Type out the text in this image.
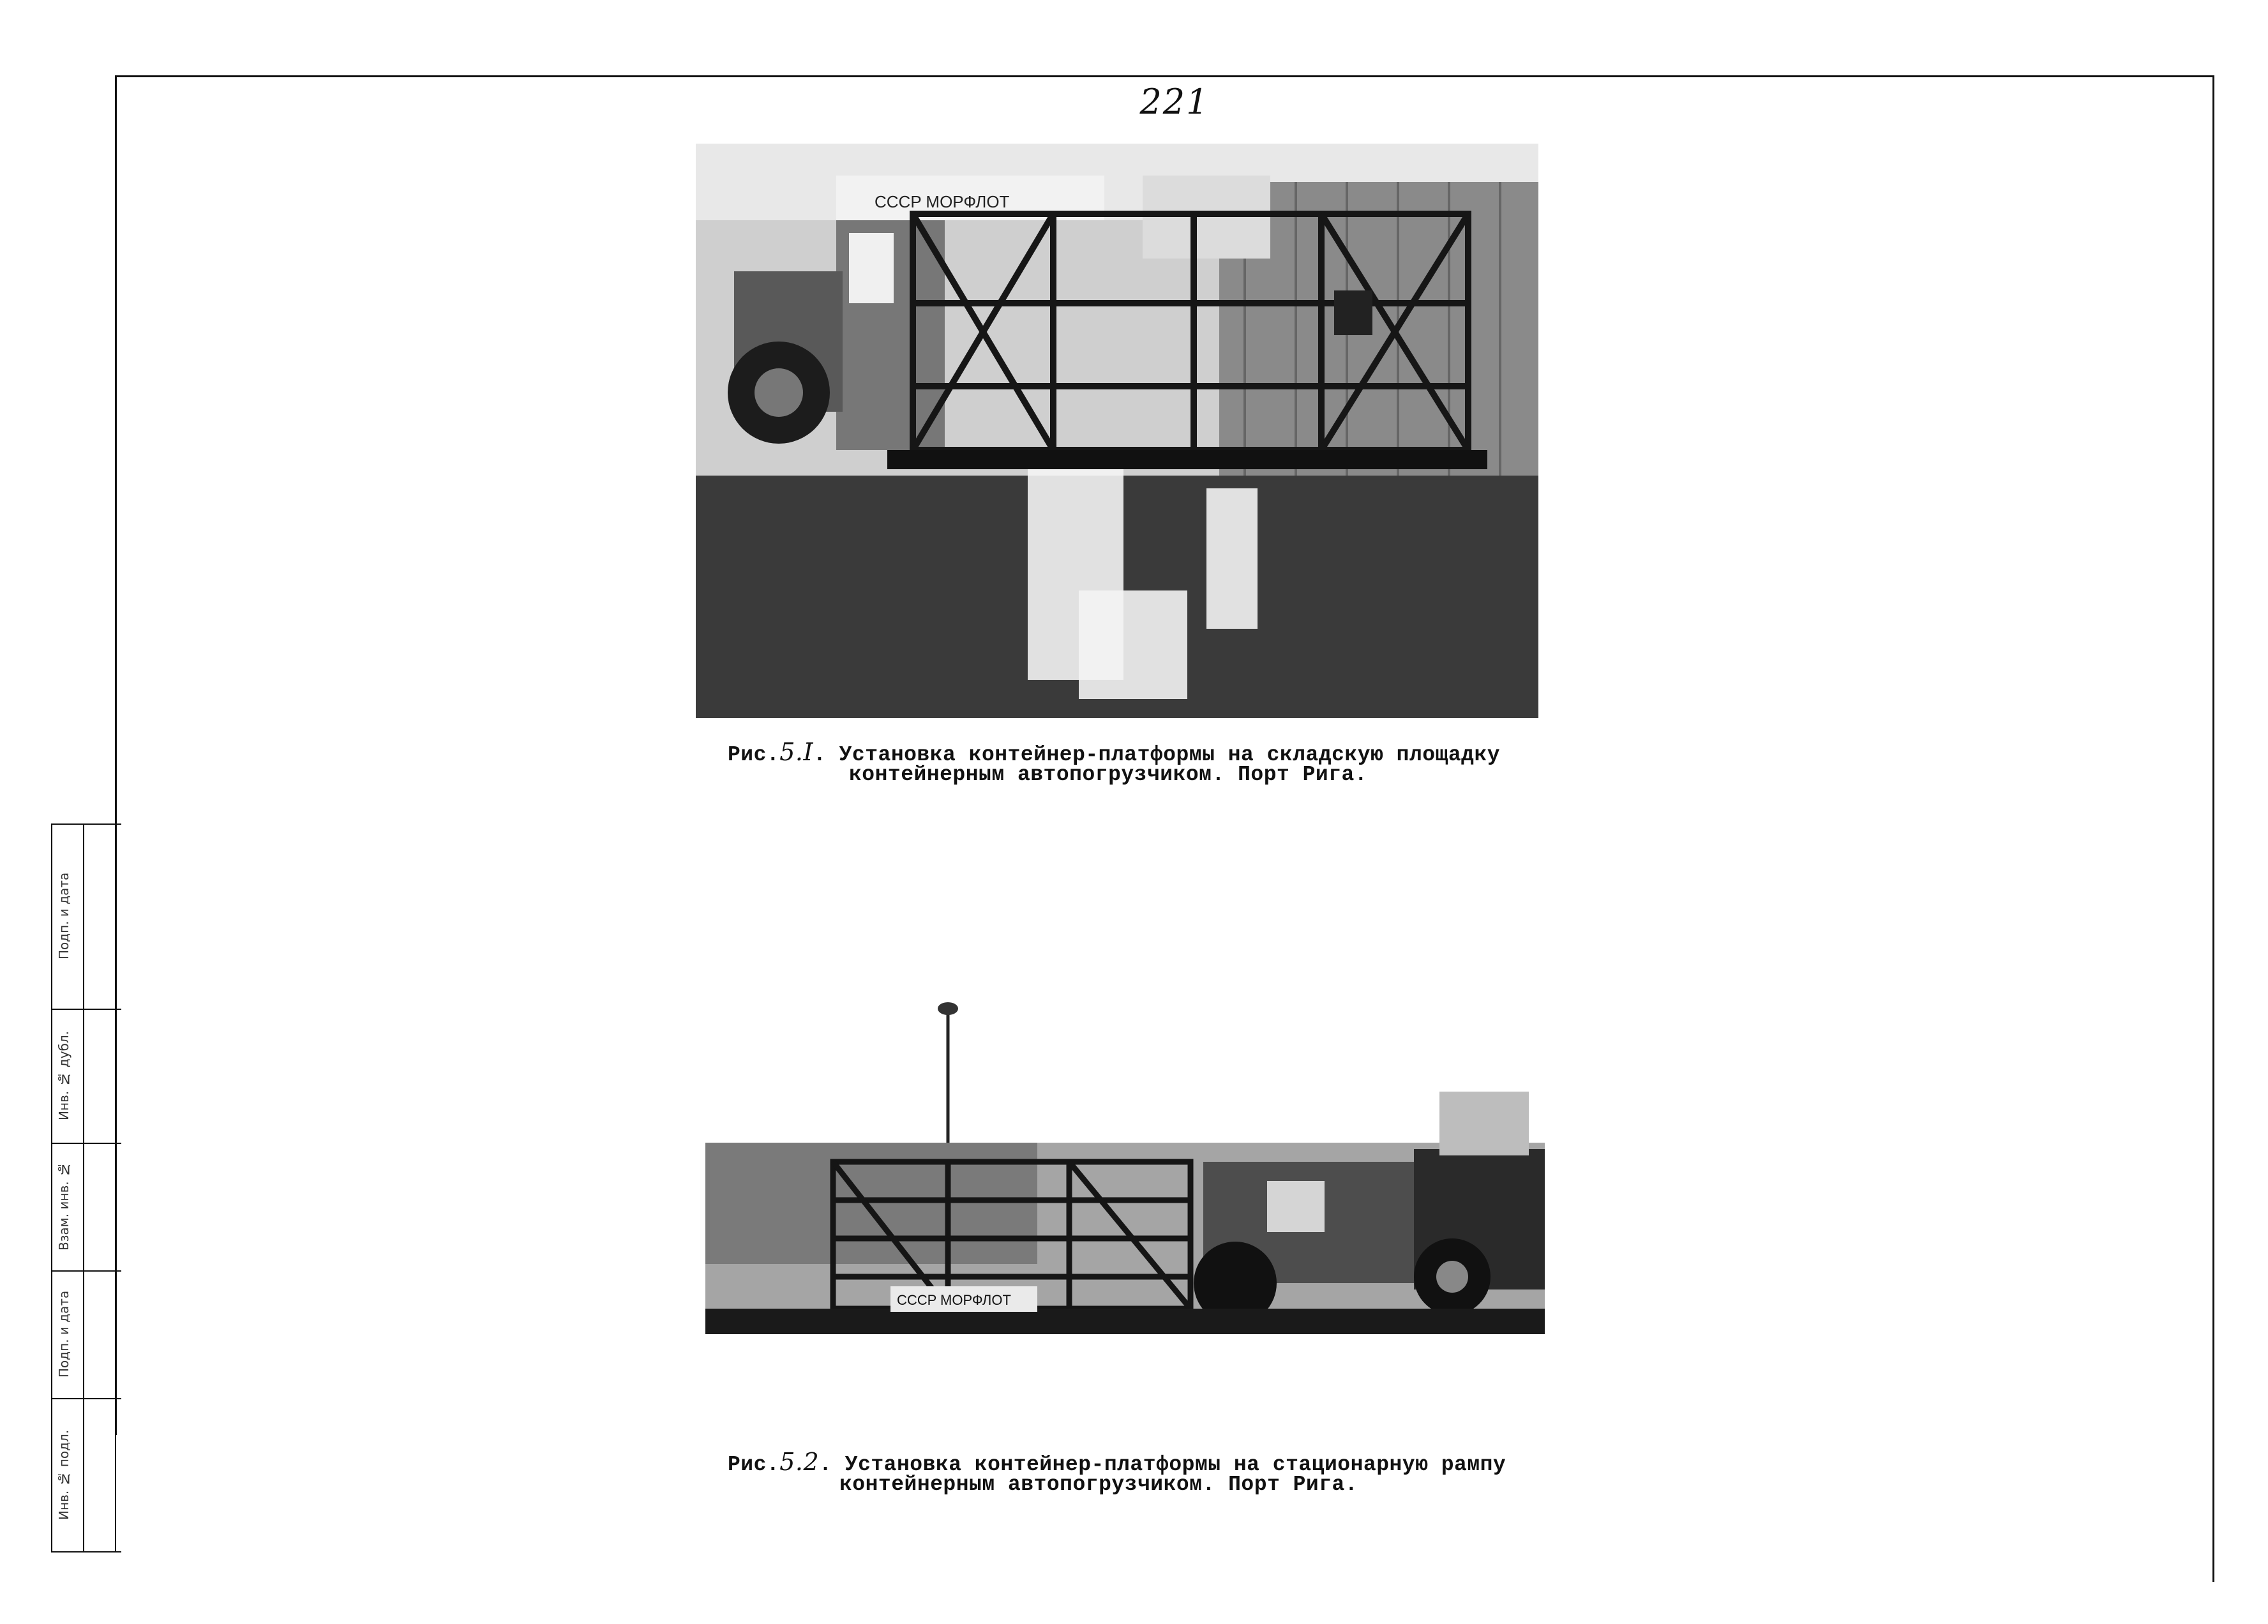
221
CCCP МОРФЛОТ
Рис.5.I. Установка контейнер-платформы на складскую площадку
контейнерным автопогрузчиком. Порт Рига.
CCCP МОРФЛОТ
Рис.5.2. Установка контейнер-платформы на стационарную рампу
контейнерным автопогрузчиком. Порт Рига.
Подп. и дата
Инв. № дубл.
Взам. инв. №
Подп. и дата
Инв. № подл.
